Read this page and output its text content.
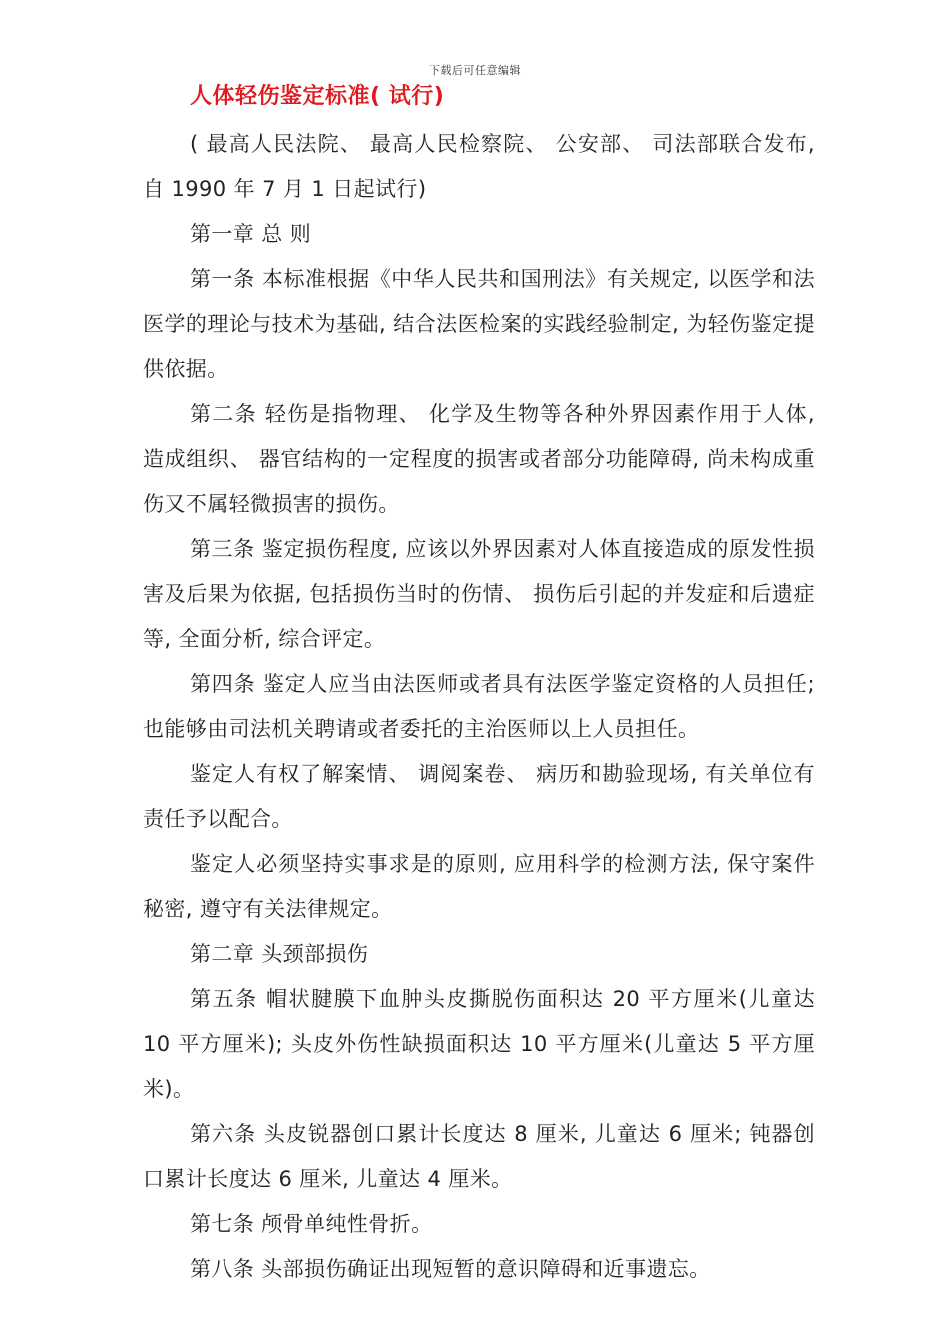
下载后可任意编辑
人体轻伤鉴定标准( 试行)

( 最高人民法院、 最高人民检察院、 公安部、 司法部联合发布, 自 1990 年 7 月 1 日起试行)

第一章 总 则

第一条 本标准根据《中华人民共和国刑法》有关规定, 以医学和法医学的理论与技术为基础, 结合法医检案的实践经验制定, 为轻伤鉴定提供依据。

第二条 轻伤是指物理、 化学及生物等各种外界因素作用于人体, 造成组织、 器官结构的一定程度的损害或者部分功能障碍, 尚未构成重伤又不属轻微损害的损伤。

第三条 鉴定损伤程度, 应该以外界因素对人体直接造成的原发性损害及后果为依据, 包括损伤当时的伤情、 损伤后引起的并发症和后遗症等, 全面分析, 综合评定。

第四条 鉴定人应当由法医师或者具有法医学鉴定资格的人员担任; 也能够由司法机关聘请或者委托的主治医师以上人员担任。

鉴定人有权了解案情、 调阅案卷、 病历和勘验现场, 有关单位有责任予以配合。

鉴定人必须坚持实事求是的原则, 应用科学的检测方法, 保守案件秘密, 遵守有关法律规定。

第二章 头颈部损伤

第五条 帽状腱膜下血肿头皮撕脱伤面积达 20 平方厘米(儿童达 10 平方厘米); 头皮外伤性缺损面积达 10 平方厘米(儿童达 5 平方厘米)。

第六条 头皮锐器创口累计长度达 8 厘米, 儿童达 6 厘米; 钝器创口累计长度达 6 厘米, 儿童达 4 厘米。

第七条 颅骨单纯性骨折。

第八条 头部损伤确证出现短暂的意识障碍和近事遗忘。
